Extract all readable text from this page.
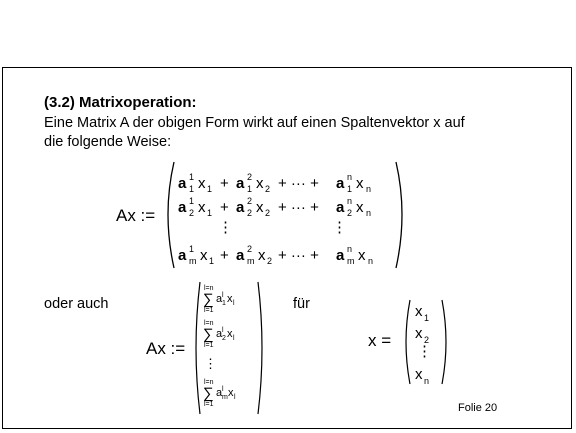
(3.2) Matrixoperation:
Eine Matrix A der obigen Form wirkt auf einen Spaltenvektor x auf
die folgende Weise:
Ax :=
a 1
1 x 1 + a 2
1 x 2 + ··· + a n
1 x n
a 1
2 x 1 + a 2
2 x 2 + ··· + a n
2 x n
⋮	⋮
a 1
m x 1 + a 2
m x 2 + ··· + a n
m x n
oder auch
Ax :=
l=n
∑
l=1
a l
1 x l
l=n
∑
l=1
a l
2 x l
⋮
l=n
∑
l=1
a l
m x l
für
x =
x 1
x 2
⋮
x n
Folie 20
